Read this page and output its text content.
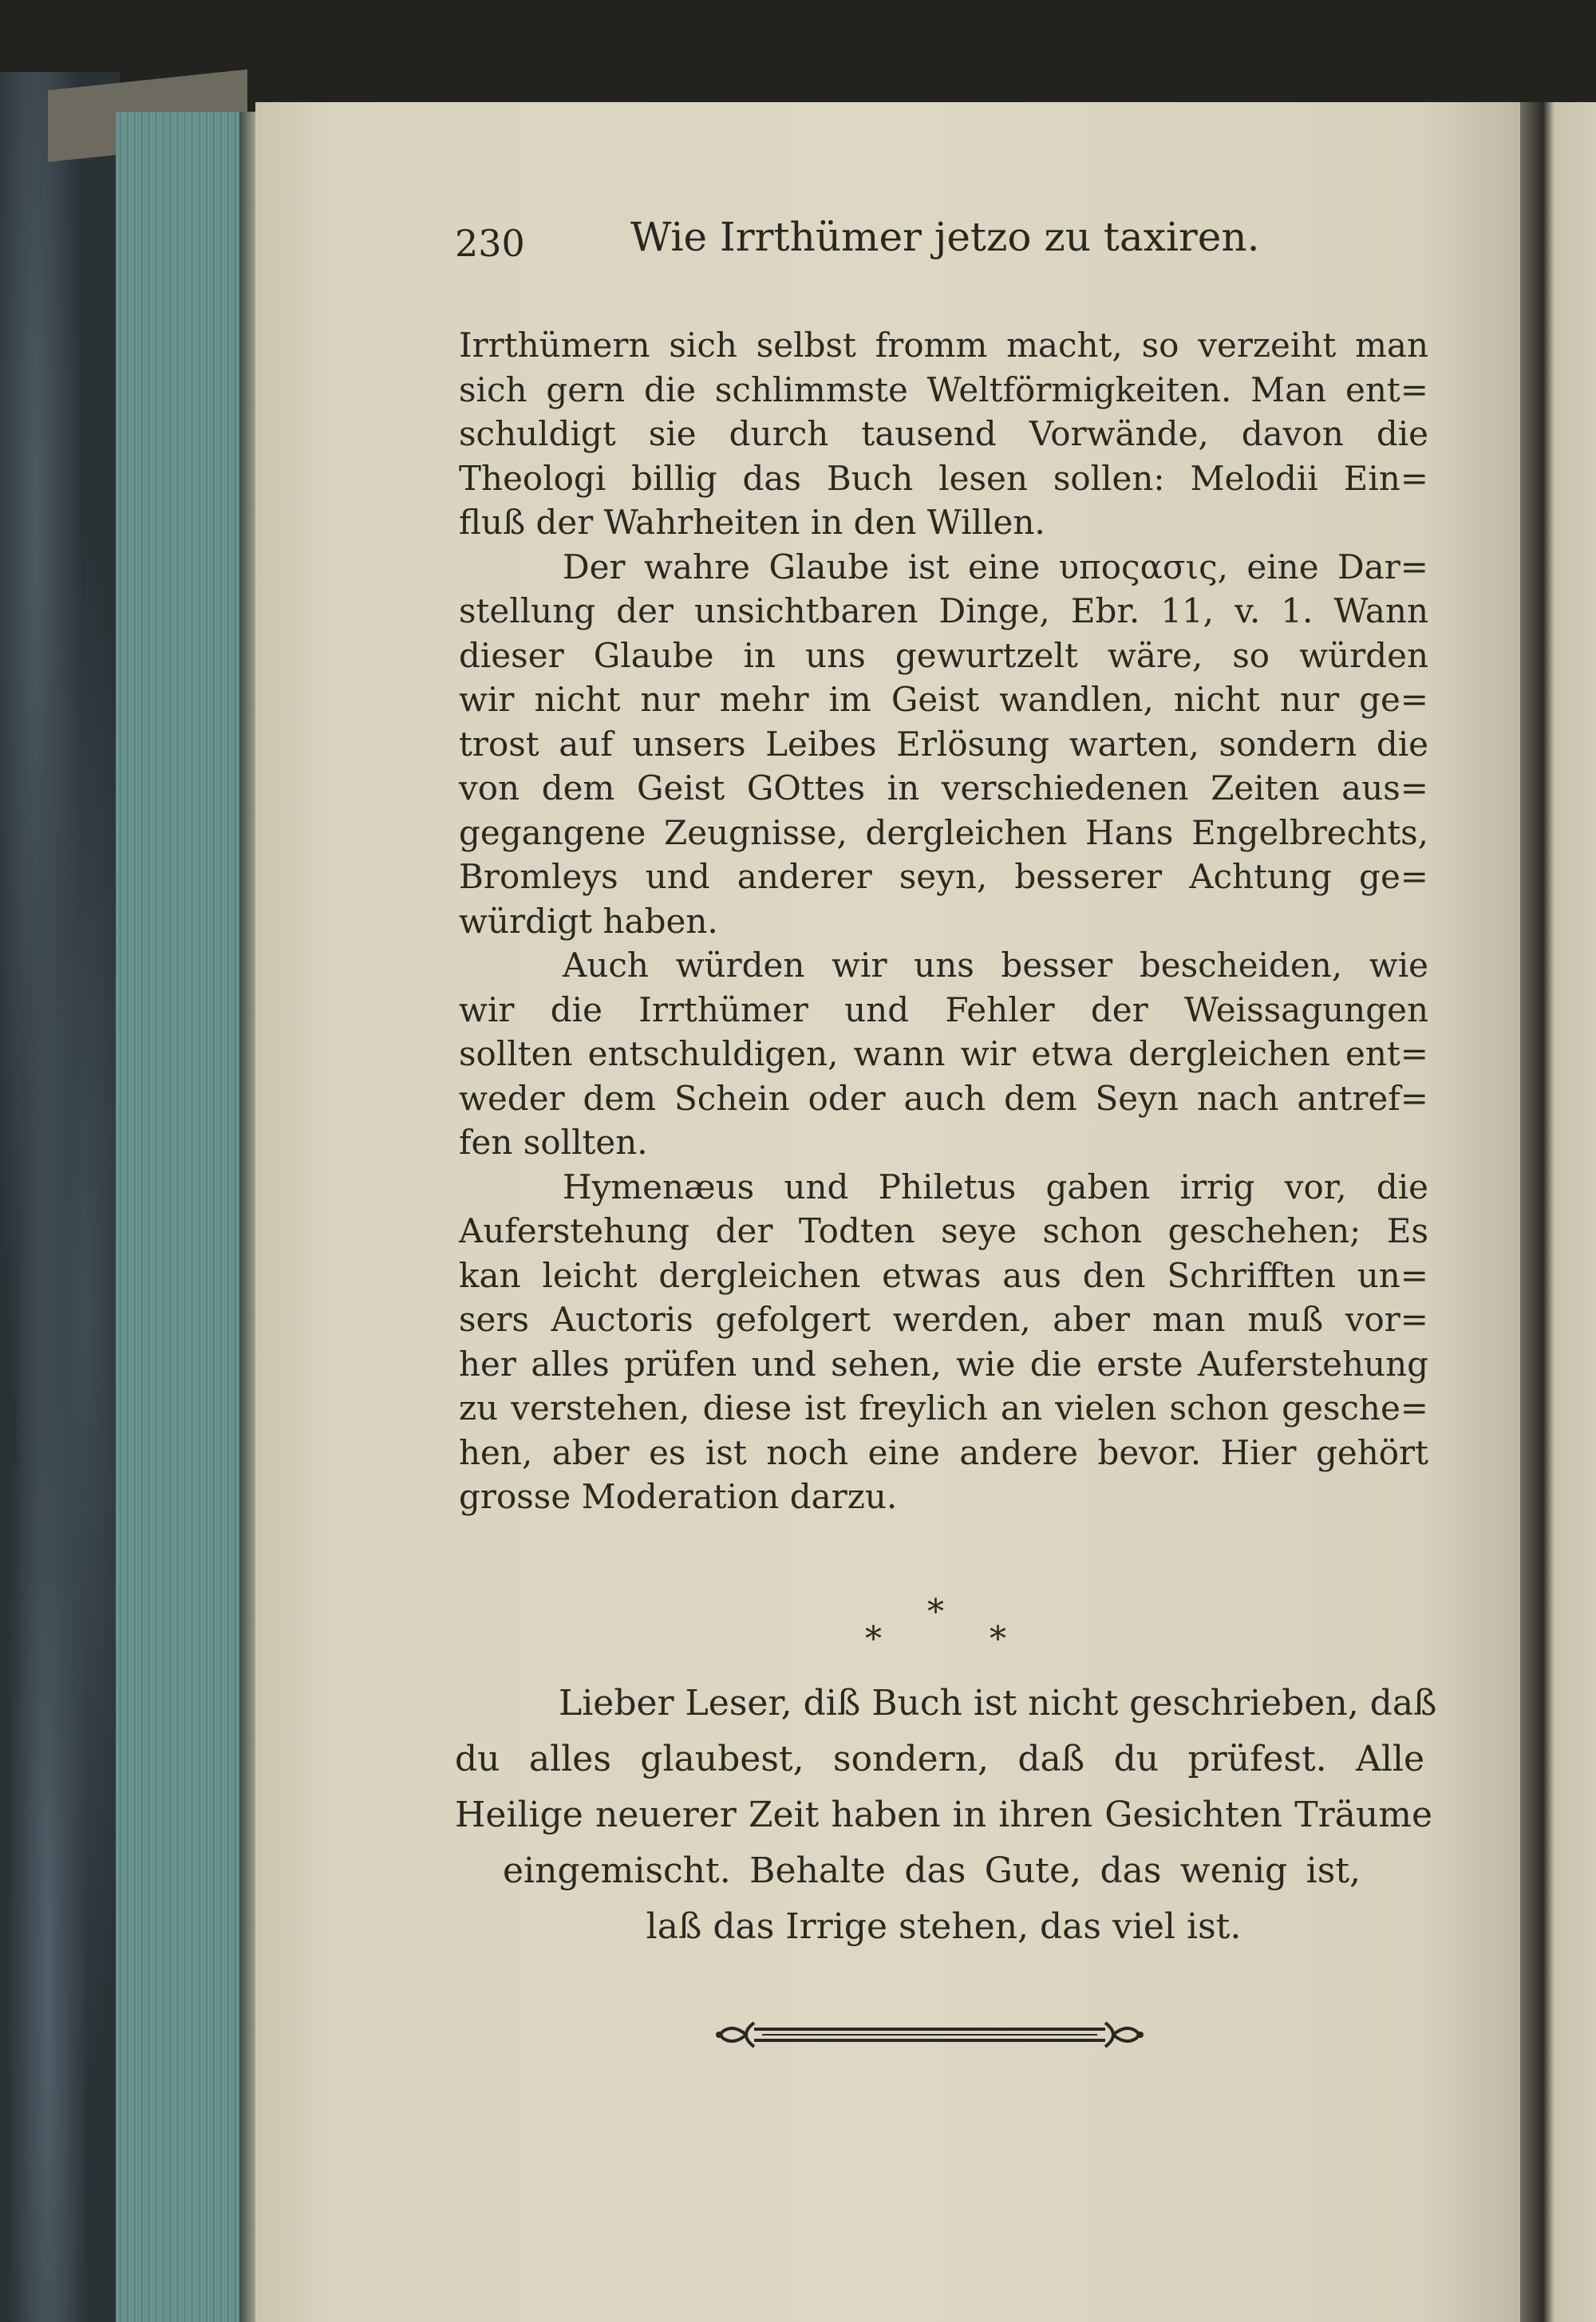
230	Wie Irrthümer jetzo zu taxiren.
Irrthümern sich selbst fromm macht, so verzeiht man
sich gern die schlimmste Weltförmigkeiten. Man ent=
schuldigt sie durch tausend Vorwände, davon die
Theologi billig das Buch lesen sollen: Melodii Ein=
fluß der Wahrheiten in den Willen.
Der wahre Glaube ist eine υποςασις, eine Dar=
stellung der unsichtbaren Dinge, Ebr. 11, v. 1. Wann
dieser Glaube in uns gewurtzelt wäre, so würden
wir nicht nur mehr im Geist wandlen, nicht nur ge=
trost auf unsers Leibes Erlösung warten, sondern die
von dem Geist GOttes in verschiedenen Zeiten aus=
gegangene Zeugnisse, dergleichen Hans Engelbrechts,
Bromleys und anderer seyn, besserer Achtung ge=
würdigt haben.
Auch würden wir uns besser bescheiden, wie
wir die Irrthümer und Fehler der Weissagungen
sollten entschuldigen, wann wir etwa dergleichen ent=
weder dem Schein oder auch dem Seyn nach antref=
fen sollten.
Hymenæus und Philetus gaben irrig vor, die
Auferstehung der Todten seye schon geschehen; Es
kan leicht dergleichen etwas aus den Schrifften un=
sers Auctoris gefolgert werden, aber man muß vor=
her alles prüfen und sehen, wie die erste Auferstehung
zu verstehen, diese ist freylich an vielen schon gesche=
hen, aber es ist noch eine andere bevor. Hier gehört
grosse Moderation darzu.
*
*	*
Lieber Leser, diß Buch ist nicht geschrieben, daß
du alles glaubest, sondern, daß du prüfest. Alle
Heilige neuerer Zeit haben in ihren Gesichten Träume
eingemischt. Behalte das Gute, das wenig ist,
laß das Irrige stehen, das viel ist.
